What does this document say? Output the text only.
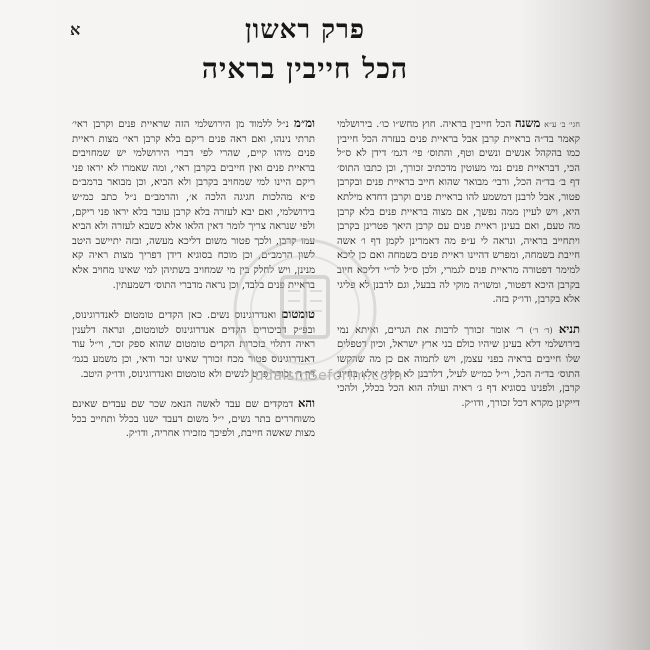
א	פרק ראשון
הכל חייבין בראיה

חגי׳ ב׳ ע״א משנה הכל חייבין בראיה. חוץ מחש״ו כו׳. בירושלמי קאמר בד״ה בראיית קרבן אבל בראיית פנים בעזרה הכל חייבין כמו בהקהל אנשים ונשים וטף, והתוס׳ פי׳ דגמ׳ דידן לא ס״ל הכי, דבראיית פנים נמי מעוטין מדכתיב זכורך, וכן כתבו התוס׳ דף ב׳ בד״ה הכל, ורבי׳ מבואר שהוא חייב בראיית פנים ובקרבן פטור, אבל לרבנן דמשמע להו בראיית פנים וקרבן דחדא מילתא היא, ויש לעיין ממה נפשך, אם מצוה בראיית פנים בלא קרבן מה טעם, ואם בעינן ראיית פנים עם קרבן היאך פטרינן בקרבן ויתחייב בראיה, ונראה לי ע״פ מה דאמרינן לקמן דף ו׳ אשה חייבת בשמחה, ומפרש דהיינו ראיית פנים בשמחה ואם כן ליכא למימר דפטורה מראיית פנים לגמרי, ולכן ס״ל לר״י דליכא חיוב בקרבן היכא דפטור, ומשו״ה מוקי לה בבעל, וגם לרבנן לא פליגי אלא בקרבן, ודו״ק בזה.

תניא (ד׳ ד׳) ר׳ אומר זכורך לרבות את הגרים, ואיתא נמי בירושלמי דלא בעינן שיהיו כולם בני ארץ ישראל, וכיון דטפלים שלו חייבים בראיה בפני עצמן, ויש לתמוה אם כן מה שהקשו התוס׳ בד״ה הכל, וי״ל כמ״ש לעיל, דלרבנן לא פליגי אלא בחיוב קרבן, ולפנינו בסוגיא דף ג׳ ראיה ועולה הוא הכל בכלל, ולהכי דייקינן מקרא דכל זכורך, ודו״ק.

ומ״מ נ״ל ללמוד מן הירושלמי הזה שראיית פנים וקרבן ראי׳ תרתי נינהו, ואם ראה פנים ריקם בלא קרבן ראי׳ מצות ראיית פנים מיהו קיים, שהרי לפי דברי הירושלמי יש שמחויבים בראיית פנים ואין חייבים בקרבן ראי׳, ומה שאמרו לא יראו פני ריקם היינו למי שמחויב בקרבן ולא הביא, וכן מבואר ברמב״ם פ״א מהלכות חגיגה הלכה א׳, והרמב״ם נ״ל כתב כמ״ש בירושלמי, ואם יבא לעזרה בלא קרבן עובר בלא יראו פני ריקם, ולפי שנראה צריך לומר דאין הלאו אלא כשבא לעזרה ולא הביא עמו קרבן, ולכך פטור משום דליכא מעשה, ובזה יתיישב היטב לשון הרמב״ם, וכן מוכח בסוגיא דידן דפריך מצות ראיה קא מנינן, ויש לחלק בין מי שמחויב בשתיהן למי שאינו מחויב אלא בראיית פנים בלבד, וכן נראה מדברי התוס׳ דשמעתין.

טומטום ואנדרוגינוס נשים. כאן הקדים טומטום לאנדרוגינוס, ובפ״ק דביכורים הקדים אנדרוגינוס לטומטום, ונראה דלענין ראיה דתלוי בזכרות הקדים טומטום שהוא ספק זכר, וי״ל עוד דאנדרוגינוס פטור מכח זכורך שאינו זכר ודאי, וכן משמע בגמ׳ דף ד׳ זכורך פרט לנשים ולא טומטום ואנדרוגינוס, ודו״ק היטב.

והא דמקדים שם עבד לאשה הנאמ שכר שם עבדים שאינם משוחררים בתר נשים, י״ל משום דעבד ישנו בכלל ותחייב בכל מצות שאשה חייבת, ולפיכך מזכירו אחריה, ודו״ק.

JudaismSeforim.com
